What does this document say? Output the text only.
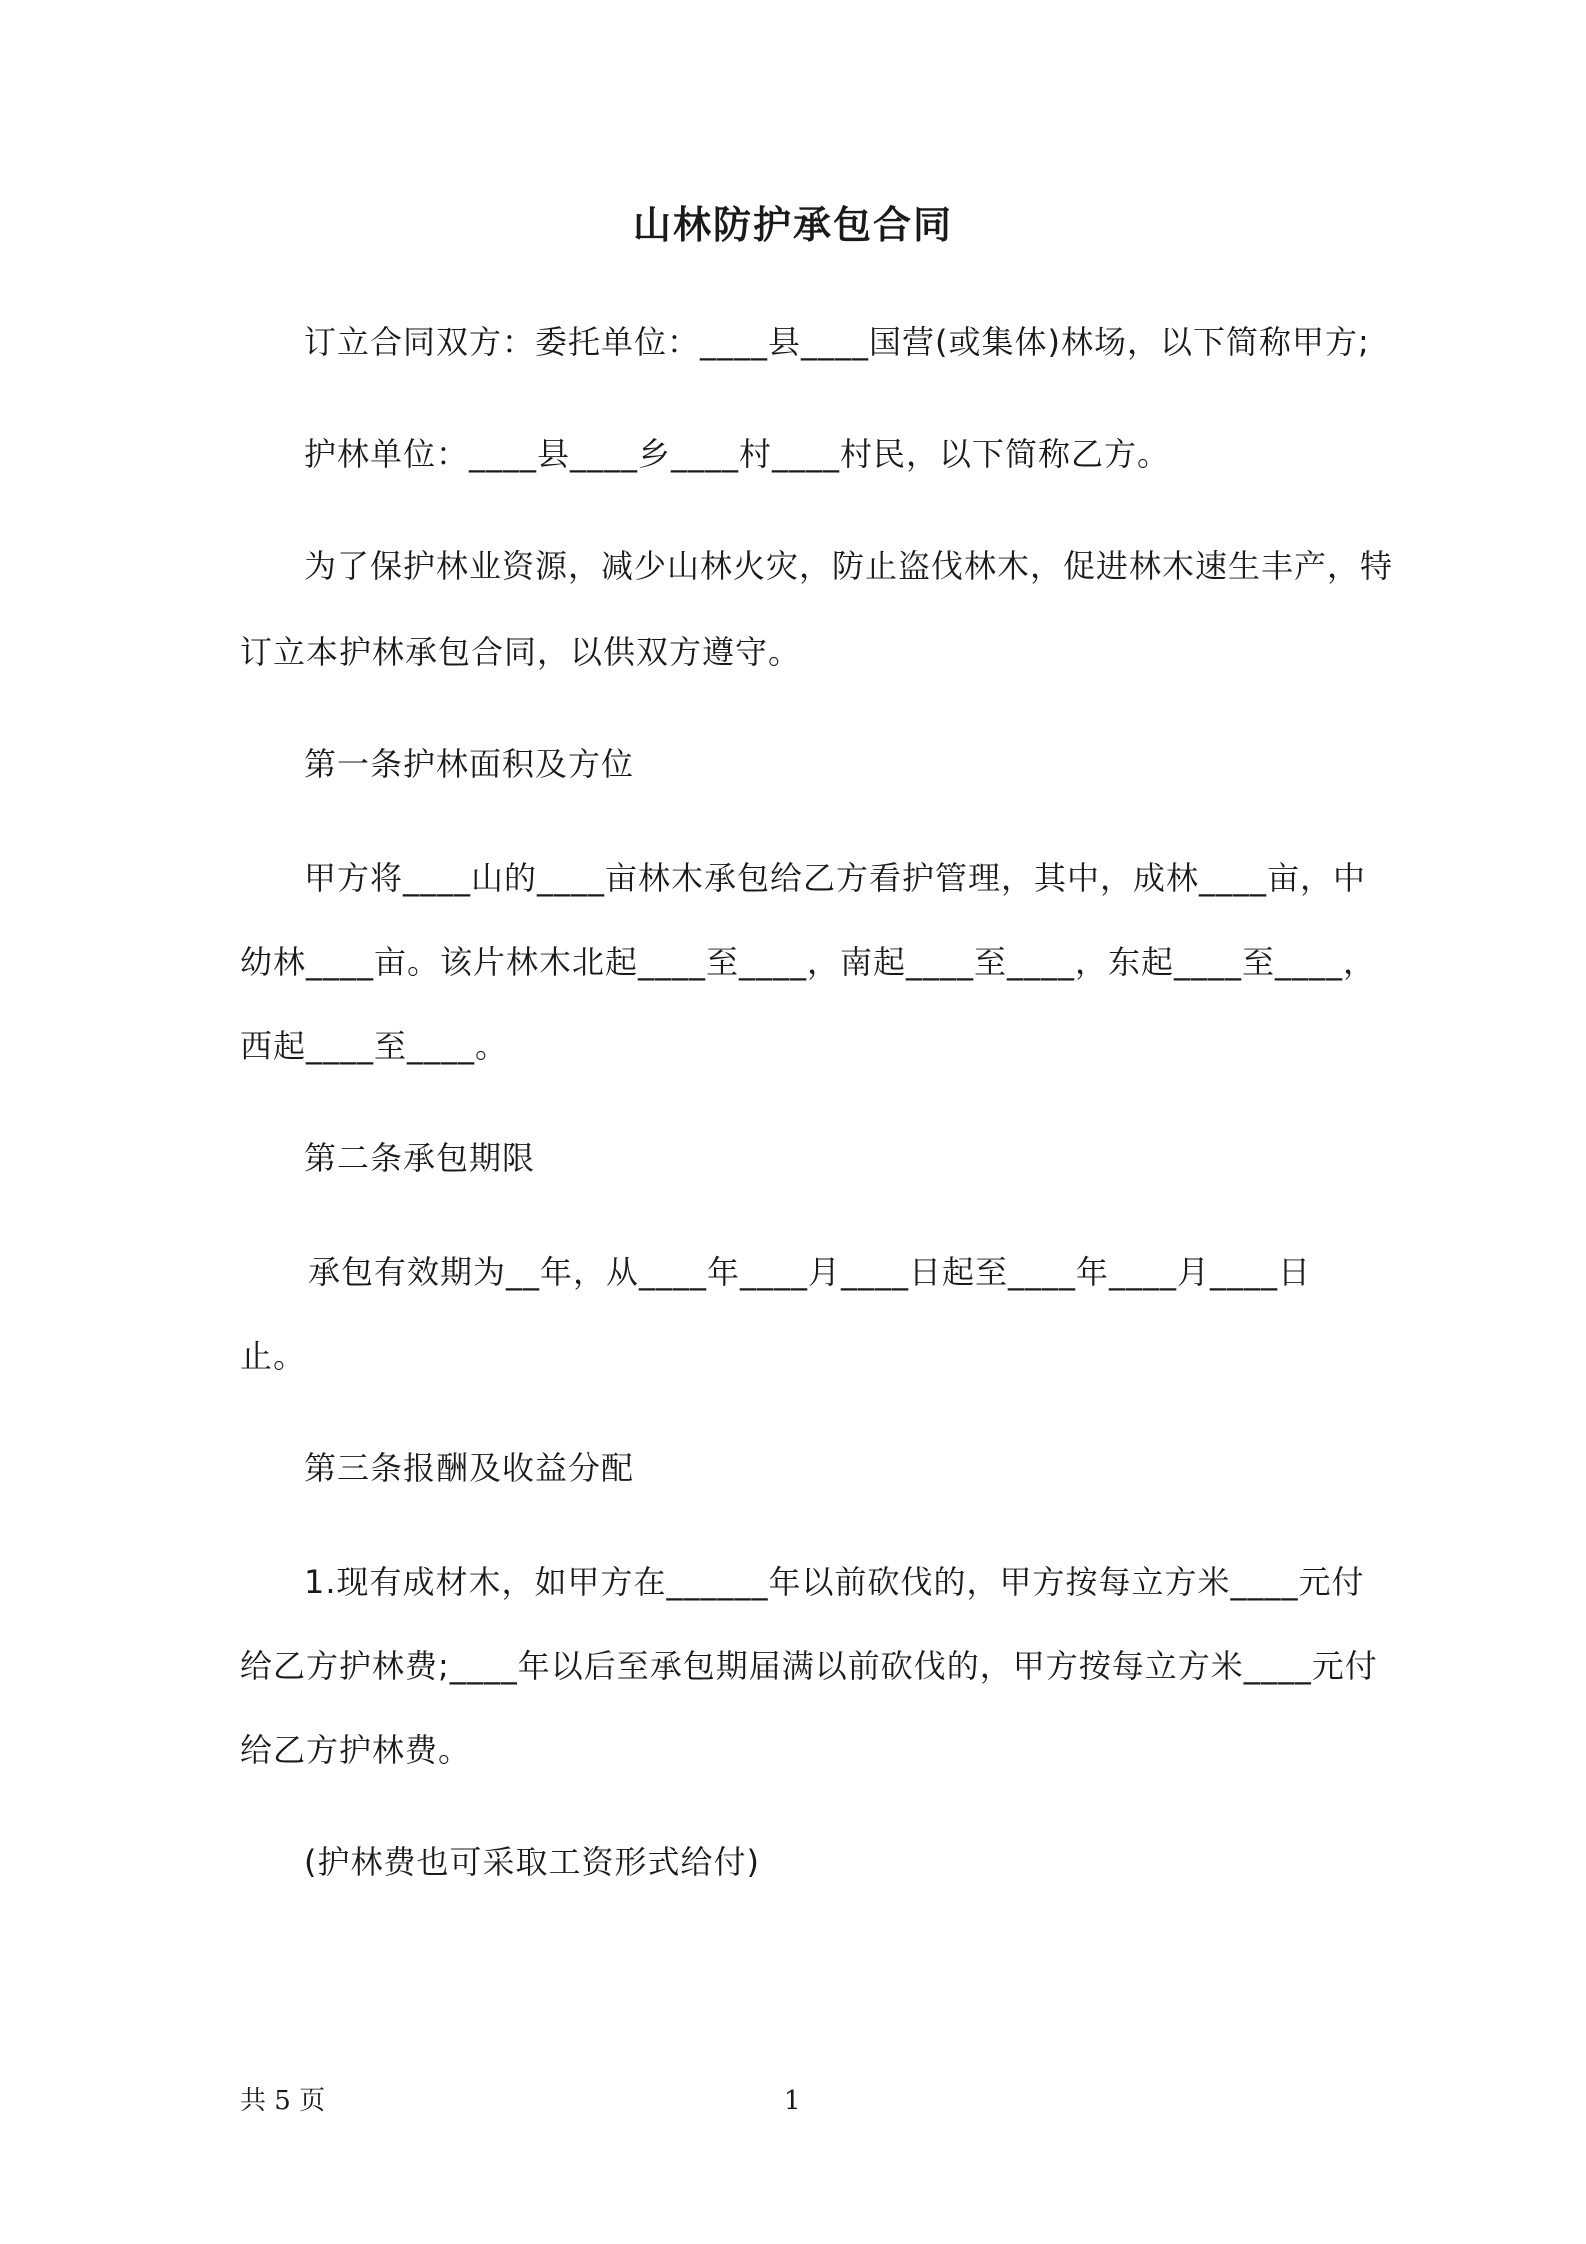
山林防护承包合同
订立合同双方：委托单位：____县____国营(或集体)林场，以下简称甲方;
护林单位：____县____乡____村____村民，以下简称乙方。
为了保护林业资源，减少山林火灾，防止盗伐林木，促进林木速生丰产，特
订立本护林承包合同，以供双方遵守。
第一条护林面积及方位
甲方将____山的____亩林木承包给乙方看护管理，其中，成林____亩，中
幼林____亩。该片林木北起____至____，南起____至____，东起____至____，
西起____至____。
第二条承包期限
承包有效期为__年，从____年____月____日起至____年____月____日
止。
第三条报酬及收益分配
1.现有成材木，如甲方在______年以前砍伐的，甲方按每立方米____元付
给乙方护林费;____年以后至承包期届满以前砍伐的，甲方按每立方米____元付
给乙方护林费。
(护林费也可采取工资形式给付)
共 5 页	1
